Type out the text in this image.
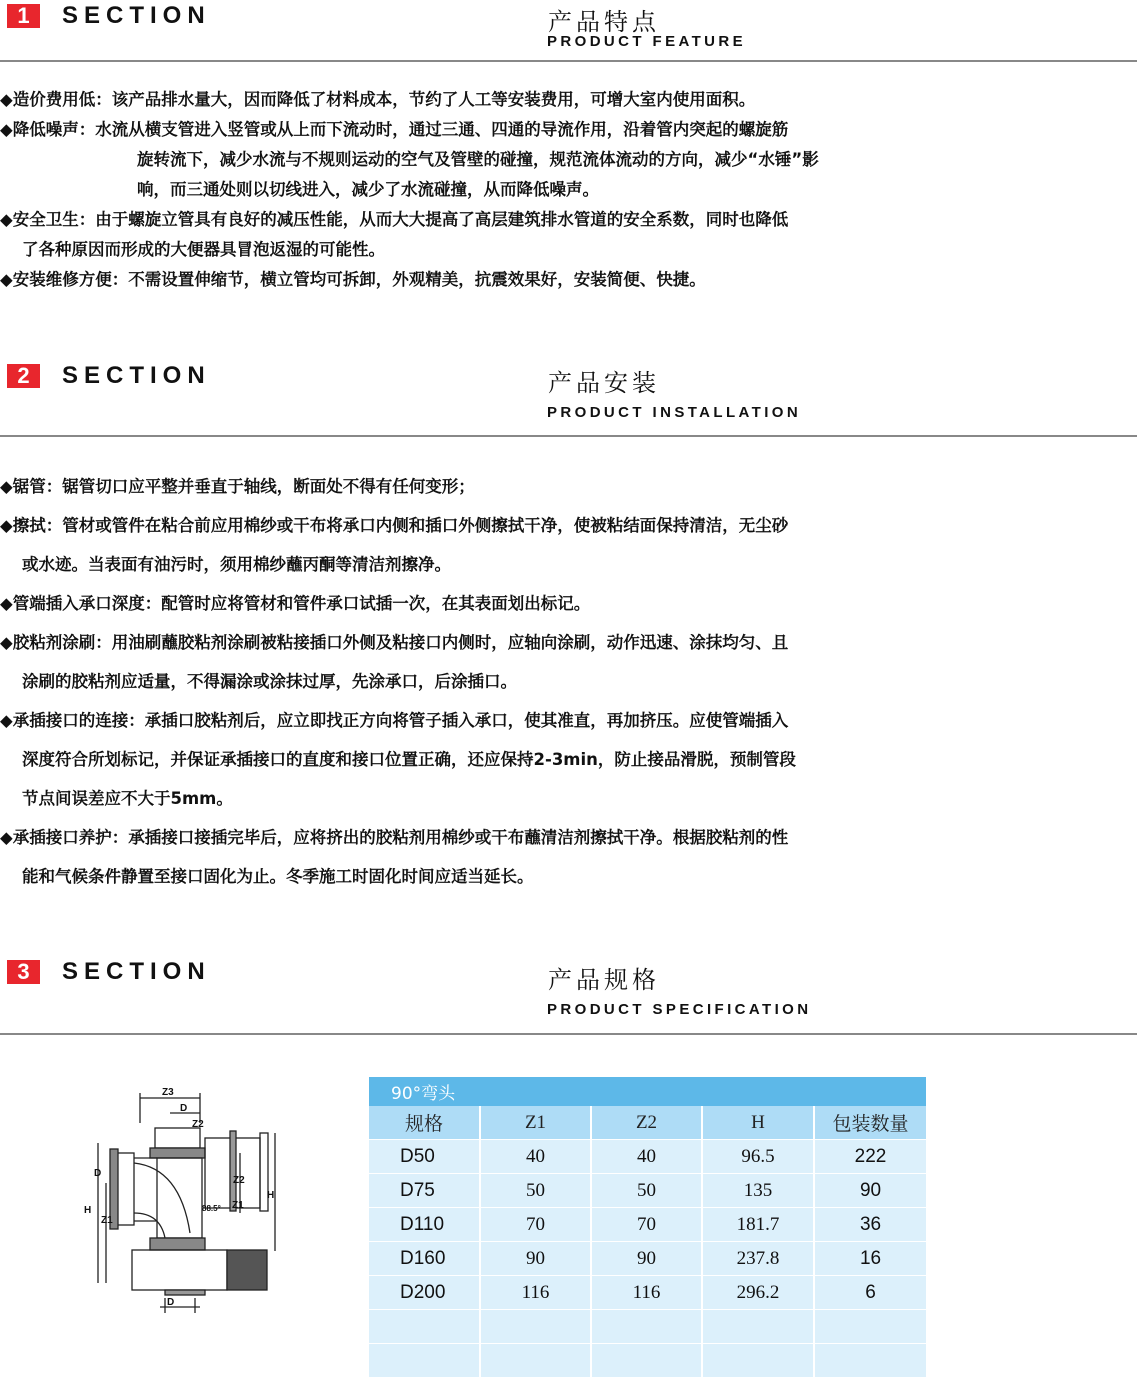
1	SECTION	产品特点
PRODUCT FEATURE
◆造价费用低：该产品排水量大，因而降低了材料成本，节约了人工等安装费用，可增大室内使用面积。
◆降低噪声：水流从横支管进入竖管或从上而下流动时，通过三通、四通的导流作用，沿着管内突起的螺旋筋
旋转流下，减少水流与不规则运动的空气及管壁的碰撞，规范流体流动的方向，减少“水锤”影
响，而三通处则以切线进入，减少了水流碰撞，从而降低噪声。
◆安全卫生：由于螺旋立管具有良好的减压性能，从而大大提高了高层建筑排水管道的安全系数，同时也降低
了各种原因而形成的大便器具冒泡返湿的可能性。
◆安装维修方便：不需设置伸缩节，横立管均可拆卸，外观精美，抗震效果好，安装简便、快捷。
2	SECTION	产品安装
PRODUCT INSTALLATION
◆锯管：锯管切口应平整并垂直于轴线，断面处不得有任何变形；
◆擦拭：管材或管件在粘合前应用棉纱或干布将承口内侧和插口外侧擦拭干净，使被粘结面保持清洁，无尘砂
或水迹。当表面有油污时，须用棉纱蘸丙酮等清洁剂擦净。
◆管端插入承口深度：配管时应将管材和管件承口试插一次，在其表面划出标记。
◆胶粘剂涂刷：用油刷蘸胶粘剂涂刷被粘接插口外侧及粘接口内侧时，应轴向涂刷，动作迅速、涂抹均匀、且
涂刷的胶粘剂应适量，不得漏涂或涂抹过厚，先涂承口，后涂插口。
◆承插接口的连接：承插口胶粘剂后，应立即找正方向将管子插入承口，使其准直，再加挤压。应使管端插入
深度符合所划标记，并保证承插接口的直度和接口位置正确，还应保持2-3min，防止接品滑脱，预制管段
节点间误差应不大于5mm。
◆承插接口养护：承插接口接插完毕后，应将挤出的胶粘剂用棉纱或干布蘸清洁剂擦拭干净。根据胶粘剂的性
能和气候条件静置至接口固化为止。冬季施工时固化时间应适当延长。
3	SECTION	产品规格
PRODUCT SPECIFICATION
Z3
D
Z2
D
H
Z1
Z2
Z1
H
88.5°
D
90°弯头				
规格	Z1	Z2	H	包装数量
D50	40	40	96.5	222
D75	50	50	135	90
D110	70	70	181.7	36
D160	90	90	237.8	16
D200	116	116	296.2	6
